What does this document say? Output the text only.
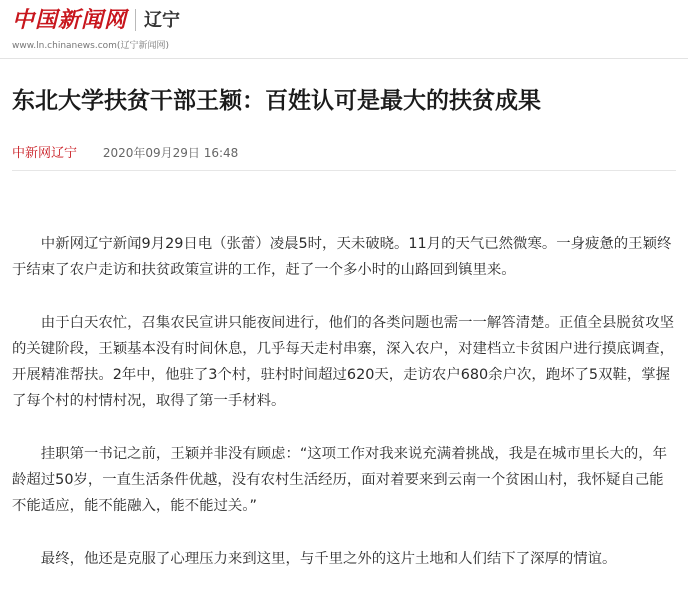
中国新闻网 辽宁
www.ln.chinanews.com(辽宁新闻网)
东北大学扶贫干部王颖：百姓认可是最大的扶贫成果
中新网辽宁 2020年09月29日 16:48

中新网辽宁新闻9月29日电（张蕾）凌晨5时，天未破晓。11月的天气已然微寒。一身疲惫的王颖终于结束了农户走访和扶贫政策宣讲的工作，赶了一个多小时的山路回到镇里来。

由于白天农忙，召集农民宣讲只能夜间进行，他们的各类问题也需一一解答清楚。正值全县脱贫攻坚的关键阶段，王颖基本没有时间休息，几乎每天走村串寨，深入农户，对建档立卡贫困户进行摸底调查，开展精准帮扶。2年中，他驻了3个村，驻村时间超过620天，走访农户680余户次，跑坏了5双鞋，掌握了每个村的村情村况，取得了第一手材料。

挂职第一书记之前，王颖并非没有顾虑：“这项工作对我来说充满着挑战，我是在城市里长大的，年龄超过50岁，一直生活条件优越，没有农村生活经历，面对着要来到云南一个贫困山村，我怀疑自己能不能适应，能不能融入，能不能过关。”

最终，他还是克服了心理压力来到这里，与千里之外的这片土地和人们结下了深厚的情谊。
